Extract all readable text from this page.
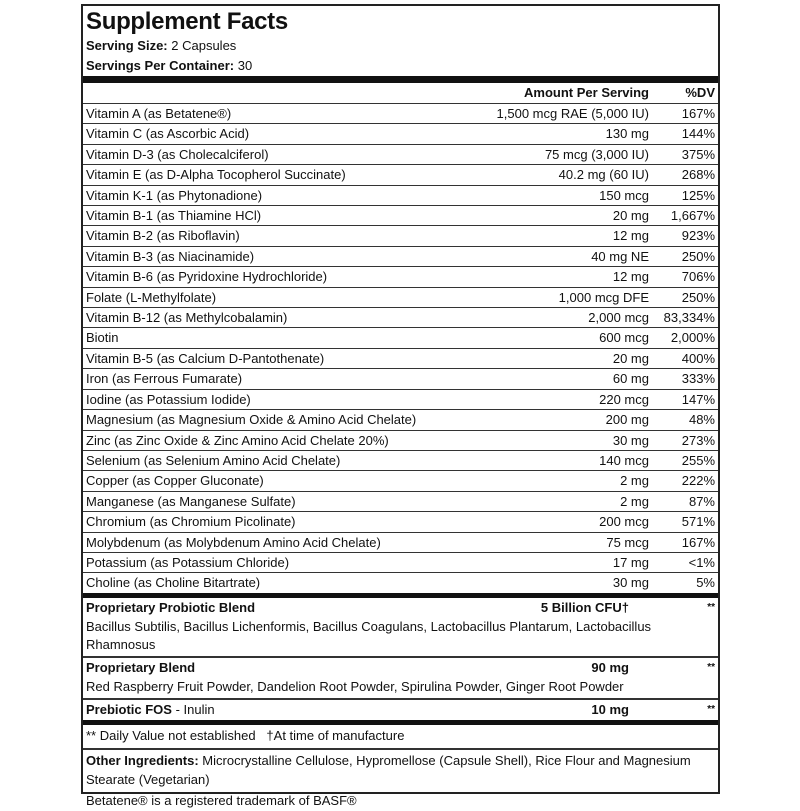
Supplement Facts
Serving Size: 2 Capsules
Servings Per Container: 30
Amount Per Serving	%DV
Vitamin A (as Betatene®)	1,500 mcg RAE (5,000 IU)	167%
Vitamin C (as Ascorbic Acid)	130 mg	144%
Vitamin D-3 (as Cholecalciferol)	75 mcg (3,000 IU)	375%
Vitamin E (as D-Alpha Tocopherol Succinate)	40.2 mg (60 IU)	268%
Vitamin K-1 (as Phytonadione)	150 mcg	125%
Vitamin B-1 (as Thiamine HCl)	20 mg	1,667%
Vitamin B-2 (as Riboflavin)	12 mg	923%
Vitamin B-3 (as Niacinamide)	40 mg NE	250%
Vitamin B-6 (as Pyridoxine Hydrochloride)	12 mg	706%
Folate (L-Methylfolate)	1,000 mcg DFE	250%
Vitamin B-12 (as Methylcobalamin)	2,000 mcg	83,334%
Biotin	600 mcg	2,000%
Vitamin B-5 (as Calcium D-Pantothenate)	20 mg	400%
Iron (as Ferrous Fumarate)	60 mg	333%
Iodine (as Potassium Iodide)	220 mcg	147%
Magnesium (as Magnesium Oxide & Amino Acid Chelate)	200 mg	48%
Zinc (as Zinc Oxide & Zinc Amino Acid Chelate 20%)	30 mg	273%
Selenium (as Selenium Amino Acid Chelate)	140 mcg	255%
Copper (as Copper Gluconate)	2 mg	222%
Manganese (as Manganese Sulfate)	2 mg	87%
Chromium (as Chromium Picolinate)	200 mcg	571%
Molybdenum (as Molybdenum Amino Acid Chelate)	75 mcg	167%
Potassium (as Potassium Chloride)	17 mg	<1%
Choline (as Choline Bitartrate)	30 mg	5%
Proprietary Probiotic Blend	5 Billion CFU†	**
Bacillus Subtilis, Bacillus Lichenformis, Bacillus Coagulans, Lactobacillus Plantarum, Lactobacillus Rhamnosus
Proprietary Blend	90 mg	**
Red Raspberry Fruit Powder, Dandelion Root Powder, Spirulina Powder, Ginger Root Powder
Prebiotic FOS - Inulin	10 mg	**
** Daily Value not established   †At time of manufacture
Other Ingredients: Microcrystalline Cellulose, Hypromellose (Capsule Shell), Rice Flour and Magnesium Stearate (Vegetarian)
Betatene® is a registered trademark of BASF®
